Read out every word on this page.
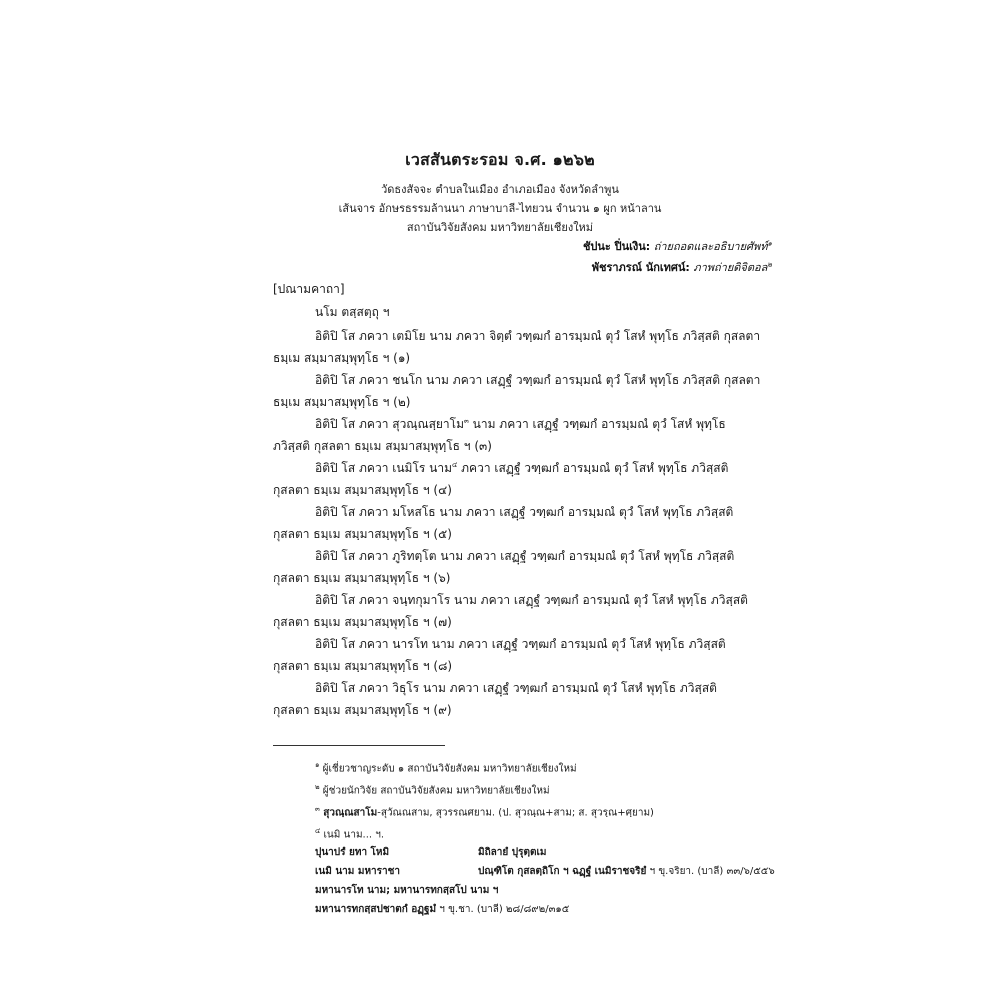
เวสสันตระรอม จ.ศ. ๑๒๖๒
วัดธงสัจจะ ตำบลในเมือง อำเภอเมือง จังหวัดลำพูน
เส้นจาร อักษรธรรมล้านนา ภาษาบาลี-ไทยวน จำนวน ๑ ผูก หน้าลาน
สถาบันวิจัยสังคม มหาวิทยาลัยเชียงใหม่
ชัปนะ ปิ่นเงิน: ถ่ายถอดและอธิบายศัพท์$^๑$
พัชราภรณ์ นักเทศน์: ภาพถ่ายดิจิตอล$^๒$
[ปณามคาถา]
นโม ตสฺสตฺถุ ฯ
อิติปิ โส ภควา เตมิโย นาม ภควา จิตฺตํ วฑฺฒกํ อารมฺมณํ ตุวํ โสหํ พุทฺโธ ภวิสฺสติ กุสลตา
ธมฺเม สมฺมาสมฺพุทฺโธ ฯ (๑)
อิติปิ โส ภควา ชนโก นาม ภควา เสฏฺฐํ วฑฺฒกํ อารมฺมณํ ตุวํ โสหํ พุทฺโธ ภวิสฺสติ กุสลตา
ธมฺเม สมฺมาสมฺพุทฺโธ ฯ (๒)
อิติปิ โส ภควา สุวณฺณสฺยาโม$^๓$ นาม ภควา เสฏฺฐํ วฑฺฒกํ อารมฺมณํ ตุวํ โสหํ พุทฺโธ
ภวิสฺสติ กุสลตา ธมฺเม สมฺมาสมฺพุทฺโธ ฯ (๓)
อิติปิ โส ภควา เนมิโร นาม$^๔$ ภควา เสฏฺฐํ วฑฺฒกํ อารมฺมณํ ตุวํ โสหํ พุทฺโธ ภวิสฺสติ
กุสลตา ธมฺเม สมฺมาสมฺพุทฺโธ ฯ (๔)
อิติปิ โส ภควา มโหสโธ นาม ภควา เสฏฺฐํ วฑฺฒกํ อารมฺมณํ ตุวํ โสหํ พุทฺโธ ภวิสฺสติ
กุสลตา ธมฺเม สมฺมาสมฺพุทฺโธ ฯ (๕)
อิติปิ โส ภควา ภูริทตฺโต นาม ภควา เสฏฺฐํ วฑฺฒกํ อารมฺมณํ ตุวํ โสหํ พุทฺโธ ภวิสฺสติ
กุสลตา ธมฺเม สมฺมาสมฺพุทฺโธ ฯ (๖)
อิติปิ โส ภควา จนฺทกุมาโร นาม ภควา เสฏฺฐํ วฑฺฒกํ อารมฺมณํ ตุวํ โสหํ พุทฺโธ ภวิสฺสติ
กุสลตา ธมฺเม สมฺมาสมฺพุทฺโธ ฯ (๗)
อิติปิ โส ภควา นารโท นาม ภควา เสฏฺฐํ วฑฺฒกํ อารมฺมณํ ตุวํ โสหํ พุทฺโธ ภวิสฺสติ
กุสลตา ธมฺเม สมฺมาสมฺพุทฺโธ ฯ (๘)
อิติปิ โส ภควา วิธุโร นาม ภควา เสฏฺฐํ วฑฺฒกํ อารมฺมณํ ตุวํ โสหํ พุทฺโธ ภวิสฺสติ
กุสลตา ธมฺเม สมฺมาสมฺพุทฺโธ ฯ (๙)
$^๑$ ผู้เชี่ยวชาญระดับ ๑ สถาบันวิจัยสังคม มหาวิทยาลัยเชียงใหม่
$^๒$ ผู้ช่วยนักวิจัย สถาบันวิจัยสังคม มหาวิทยาลัยเชียงใหม่
$^๓$ สุวณฺณสาโม-สุวัณณสาม, สุวรรณศยาม. (ป. สุวณฺณ+สาม; ส. สุวรฺณ+ศฺยาม)
$^๔$ เนมิ นาม... ฯ.
ปุนาปรํ ยทา โหมิ	มิถิลายํ ปุรุตฺตเม
เนมิ นาม มหาราชา	ปณฺฑิโต กุสลตฺถิโก ฯ ฉฏฺฐํ เนมิราชจริยํ ฯ ขุ.จริยา. (บาลี) ๓๓/๖/๕๕๖
มหานารโท นาม; มหานารทกสฺสโป นาม ฯ
มหานารทกสฺสปชาตกํ อฏฺฐมํ ฯ ขุ.ชา. (บาลี) ๒๘/๘๙๒/๓๑๕
